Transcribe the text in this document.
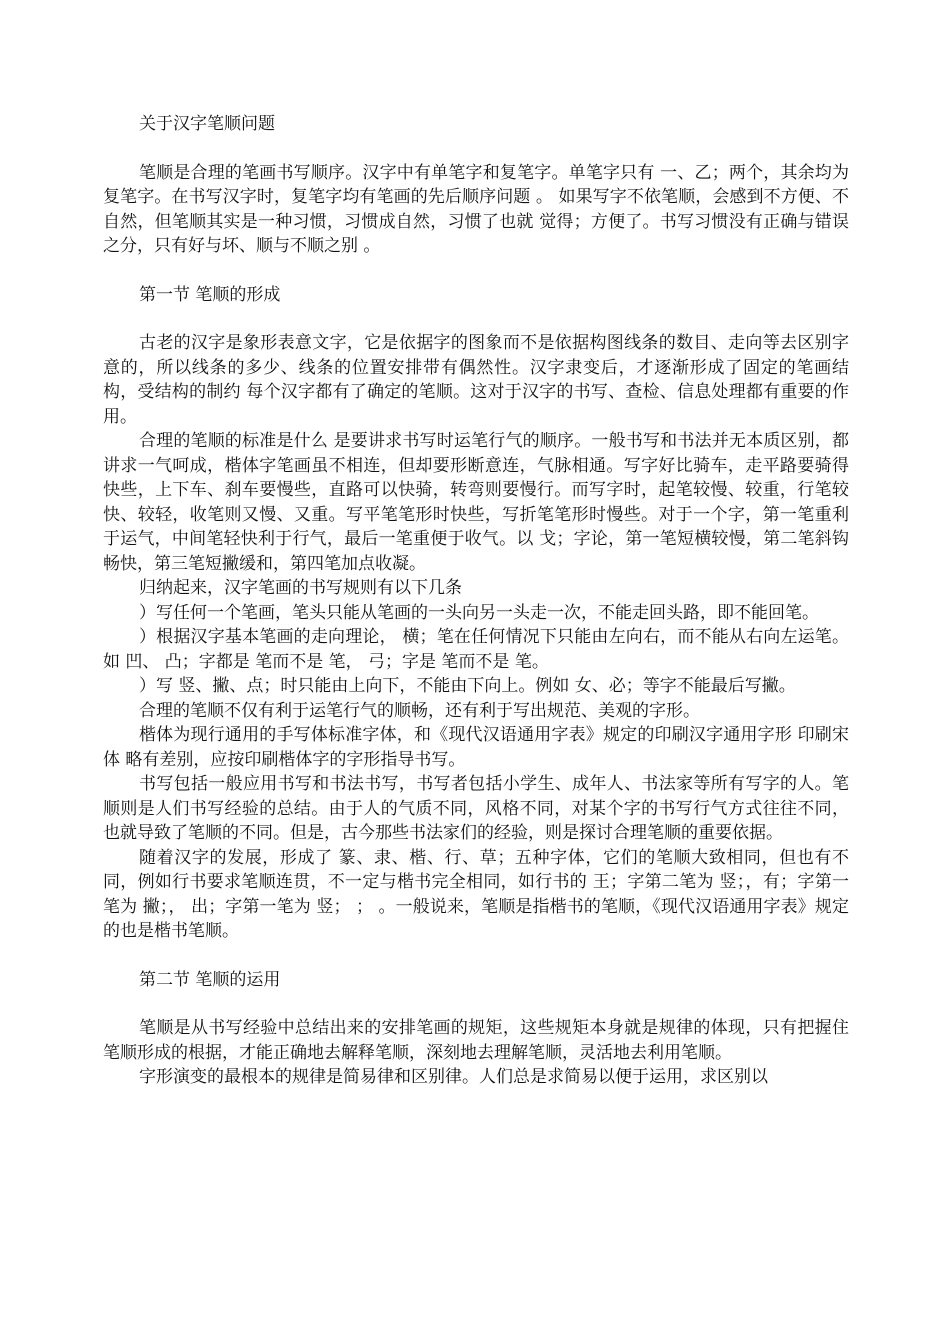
关于汉字笔顺问题

笔顺是合理的笔画书写顺序。汉字中有单笔字和复笔字。单笔字只有 一、乙；两个，其余均为复笔字。在书写汉字时，复笔字均有笔画的先后顺序问题 。 如果写字不依笔顺，会感到不方便、不自然，但笔顺其实是一种习惯，习惯成自然，习惯了也就 觉得；方便了。书写习惯没有正确与错误之分，只有好与坏、顺与不顺之别 。

第一节 笔顺的形成

古老的汉字是象形表意文字，它是依据字的图象而不是依据构图线条的数目、走向等去区别字意的，所以线条的多少、线条的位置安排带有偶然性。汉字隶变后，才逐渐形成了固定的笔画结构，受结构的制约 每个汉字都有了确定的笔顺。这对于汉字的书写、查检、信息处理都有重要的作用。

合理的笔顺的标准是什么 是要讲求书写时运笔行气的顺序。一般书写和书法并无本质区别，都讲求一气呵成，楷体字笔画虽不相连，但却要形断意连，气脉相通。写字好比骑车，走平路要骑得快些，上下车、刹车要慢些，直路可以快骑，转弯则要慢行。而写字时，起笔较慢、较重，行笔较快、较轻，收笔则又慢、又重。写平笔笔形时快些，写折笔笔形时慢些。对于一个字，第一笔重利于运气，中间笔轻快利于行气，最后一笔重便于收气。以 戈；字论，第一笔短横较慢，第二笔斜钩畅快，第三笔短撇缓和，第四笔加点收凝。

归纳起来，汉字笔画的书写规则有以下几条

）写任何一个笔画，笔头只能从笔画的一头向另一头走一次，不能走回头路，即不能回笔。

）根据汉字基本笔画的走向理论， 横；笔在任何情况下只能由左向右，而不能从右向左运笔。如 凹、 凸；字都是 笔而不是 笔， 弓；字是 笔而不是 笔。

）写 竖、撇、点；时只能由上向下，不能由下向上。例如 女、必；等字不能最后写撇。

合理的笔顺不仅有利于运笔行气的顺畅，还有利于写出规范、美观的字形。

楷体为现行通用的手写体标准字体，和《现代汉语通用字表》规定的印刷汉字通用字形 印刷宋体 略有差别，应按印刷楷体字的字形指导书写。

书写包括一般应用书写和书法书写，书写者包括小学生、成年人、书法家等所有写字的人。笔顺则是人们书写经验的总结。由于人的气质不同，风格不同，对某个字的书写行气方式往往不同，也就导致了笔顺的不同。但是，古今那些书法家们的经验，则是探讨合理笔顺的重要依据。

随着汉字的发展，形成了 篆、隶、楷、行、草；五种字体，它们的笔顺大致相同，但也有不同，例如行书要求笔顺连贯，不一定与楷书完全相同，如行书的 王；字第二笔为 竖；，有；字第一笔为 撇；， 出；字第一笔为 竖； ； 。一般说来，笔顺是指楷书的笔顺，《现代汉语通用字表》规定的也是楷书笔顺。

第二节 笔顺的运用

笔顺是从书写经验中总结出来的安排笔画的规矩，这些规矩本身就是规律的体现，只有把握住笔顺形成的根据，才能正确地去解释笔顺，深刻地去理解笔顺，灵活地去利用笔顺。

字形演变的最根本的规律是简易律和区别律。人们总是求简易以便于运用，求区别以
